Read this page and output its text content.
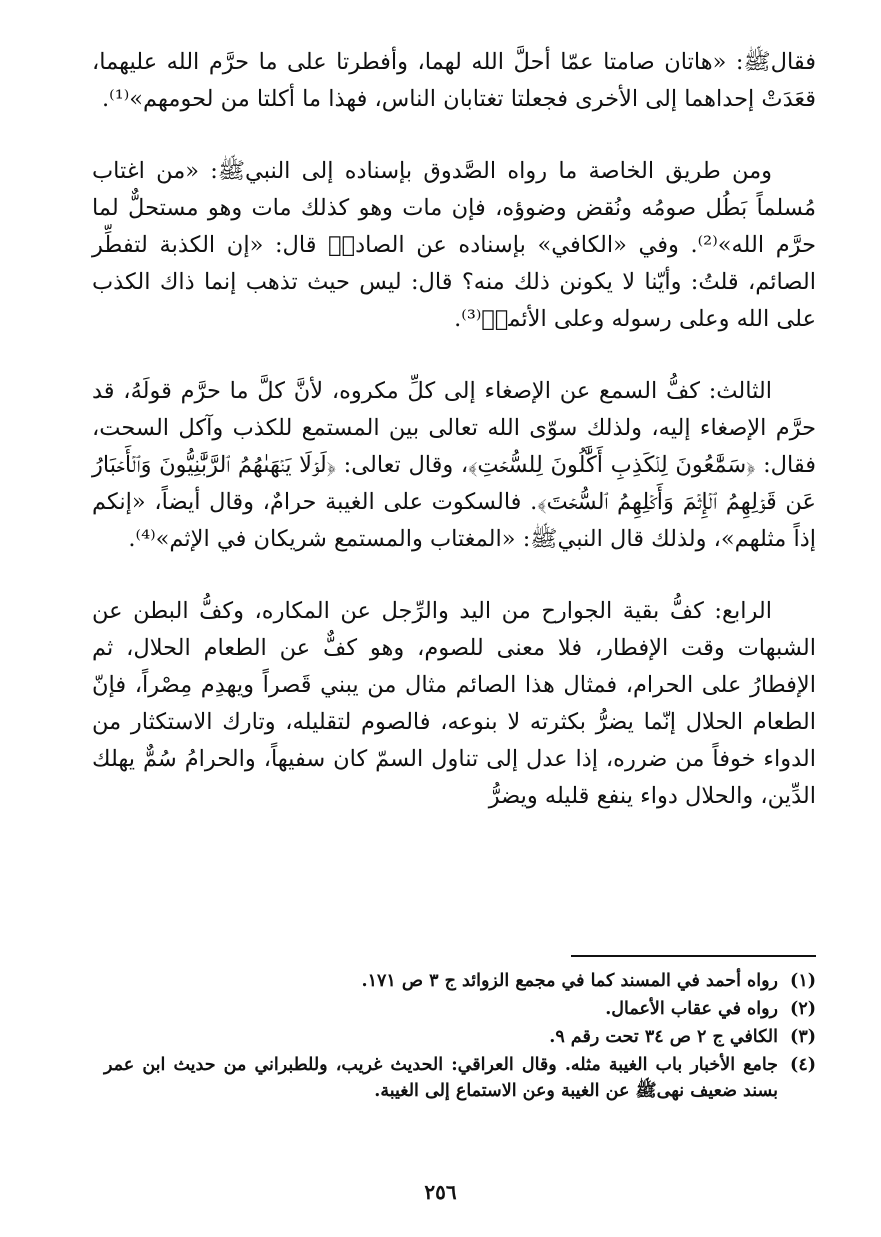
فقالﷺ: «هاتان صامتا عمّا أحلَّ الله لهما، وأفطرتا على ما حرَّم الله عليهما، قعَدَتْ إحداهما إلى الأخرى فجعلتا تغتابان الناس، فهذا ما أكلتا من لحومهم»⁽¹⁾.

ومن طريق الخاصة ما رواه الصَّدوق بإسناده إلى النبيﷺ: «من اغتاب مُسلماً بَطُل صومُه ونُقض وضوؤه، فإن مات وهو كذلك مات وهو مستحلٌّ لما حرَّم الله»⁽²⁾. وفي «الكافي» بإسناده عن الصادقؑ قال: «إن الكذبة لتفطِّر الصائم، قلتُ: وأيّنا لا يكونن ذلك منه؟ قال: ليس حيث تذهب إنما ذاك الكذب على الله وعلى رسوله وعلى الأئمةؑ⁽³⁾.

الثالث: كفُّ السمع عن الإصغاء إلى كلِّ مكروه، لأنَّ كلَّ ما حرَّم قولَهُ، قد حرَّم الإصغاء إليه، ولذلك سوّى الله تعالى بين المستمع للكذب وآكل السحت، فقال: ﴿سَمَّٰعُونَ لِلۡكَذِبِ أَكَّٰلُونَ لِلسُّحۡتِ﴾، وقال تعالى: ﴿لَوۡلَا يَنۡهَىٰهُمُ ٱلرَّبَّٰنِيُّونَ وَٱلۡأَحۡبَارُ عَن قَوۡلِهِمُ ٱلۡإِثۡمَ وَأَكۡلِهِمُ ٱلسُّحۡتَ﴾. فالسكوت على الغيبة حرامٌ، وقال أيضاً، «إنكم إذاً مثلهم»، ولذلك قال النبيﷺ: «المغتاب والمستمع شريكان في الإثم»⁽⁴⁾.

الرابع: كفُّ بقية الجوارح من اليد والرِّجل عن المكاره، وكفُّ البطن عن الشبهات وقت الإفطار، فلا معنى للصوم، وهو كفٌّ عن الطعام الحلال، ثم الإفطارُ على الحرام، فمثال هذا الصائم مثال من يبني قَصراً ويهدِم مِصْراً، فإنّ الطعام الحلال إنّما يضرُّ بكثرته لا بنوعه، فالصوم لتقليله، وتارك الاستكثار من الدواء خوفاً من ضرره، إذا عدل إلى تناول السمّ كان سفيهاً، والحرامُ سُمٌّ يهلك الدِّين، والحلال دواء ينفع قليله ويضرُّ

(١)
رواه أحمد في المسند كما في مجمع الزوائد ج ٣ ص ١٧١.
(٢)
رواه في عقاب الأعمال.
(٣)
الكافي ج ٢ ص ٣٤ تحت رقم ٩.
(٤)
جامع الأخبار باب الغيبة مثله. وقال العراقي: الحديث غريب، وللطبراني من حديث ابن عمر بسند ضعيف نهىﷺ عن الغيبة وعن الاستماع إلى الغيبة.
٢٥٦
